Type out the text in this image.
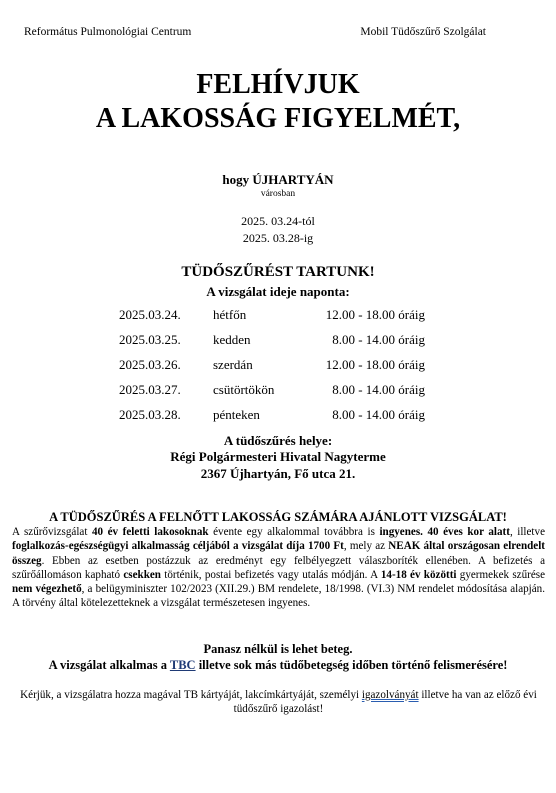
Református Pulmonológiai Centrum	Mobil Tüdőszűrő Szolgálat
FELHÍVJUK
A LAKOSSÁG FIGYELMÉT,
hogy ÚJHARTYÁN
városban
2025. 03.24-tól
2025. 03.28-ig
TÜDŐSZŰRÉST TARTUNK!
A vizsgálat ideje naponta:
2025.03.24. hétfőn	12.00 - 18.00 óráig
2025.03.25. kedden	8.00 - 14.00 óráig
2025.03.26. szerdán	12.00 - 18.00 óráig
2025.03.27. csütörtökön	8.00 - 14.00 óráig
2025.03.28. pénteken	8.00 - 14.00 óráig
A tüdőszűrés helye:
Régi Polgármesteri Hivatal Nagyterme
2367 Újhartyán, Fő utca 21.
A TÜDŐSZŰRÉS A FELNŐTT LAKOSSÁG SZÁMÁRA AJÁNLOTT VIZSGÁLAT!
A szűrővizsgálat 40 év feletti lakosoknak évente egy alkalommal továbbra is ingyenes. 40 éves kor alatt, illetve foglalkozás-egészségügyi alkalmasság céljából a vizsgálat díja 1700 Ft, mely az NEAK által országosan elrendelt összeg. Ebben az esetben postázzuk az eredményt egy felbélyegzett válaszboríték ellenében. A befizetés a szűrőállomáson kapható csekken történik, postai befizetés vagy utalás módján. A 14-18 év közötti gyermekek szűrése nem végezhető, a belügyminiszter 102/2023 (XII.29.) BM rendelete, 18/1998. (VI.3) NM rendelet módosítása alapján. A törvény által kötelezetteknek a vizsgálat természetesen ingyenes.
Panasz nélkül is lehet beteg.
A vizsgálat alkalmas a TBC illetve sok más tüdőbetegség időben történő felismerésére!
Kérjük, a vizsgálatra hozza magával TB kártyáját, lakcímkártyáját, személyi igazolványát illetve ha van az előző évi tüdőszűrő igazolást!
